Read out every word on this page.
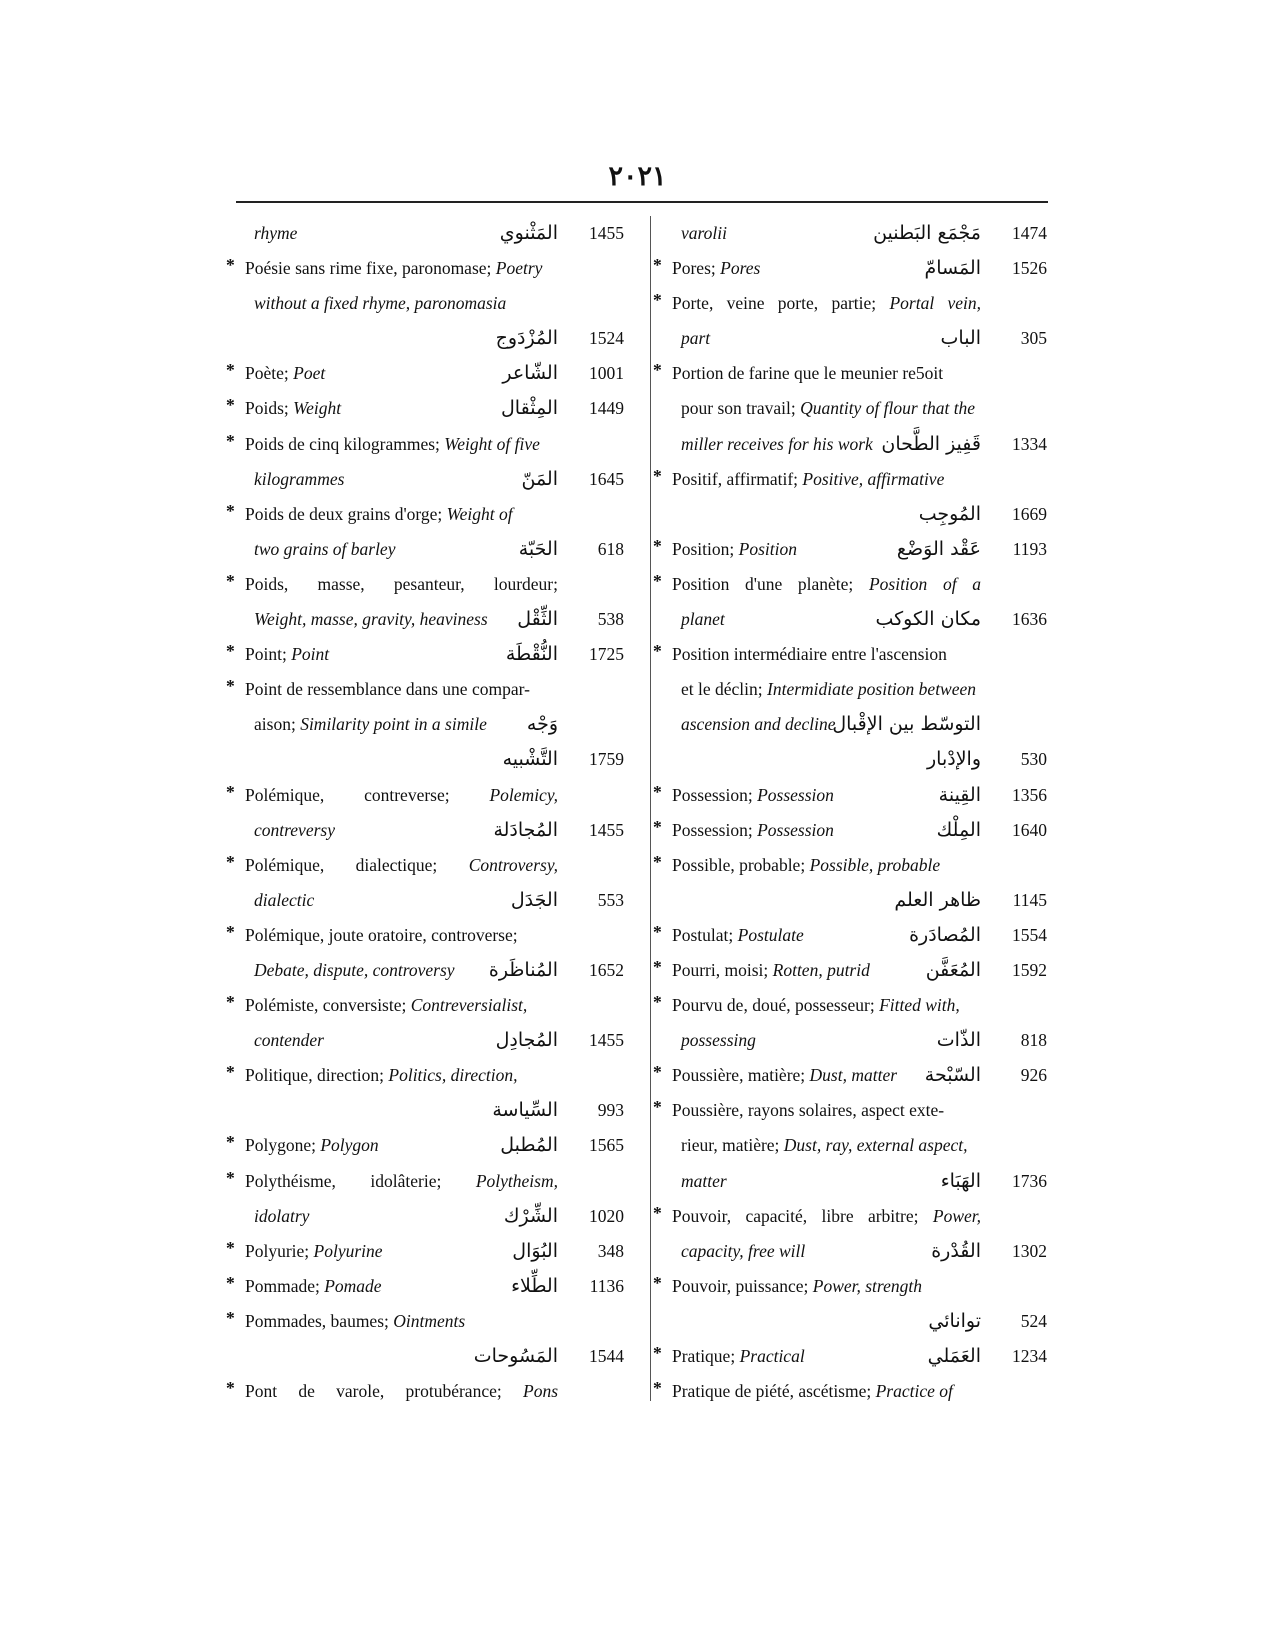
٢٠٢١
rhyme	المَثْنوي 1455
* Poésie sans rime fixe, paronomase; Poetry
without a fixed rhyme, paronomasia
المُزْدَوج 1524
* Poète; Poet	الشّاعر 1001
* Poids; Weight	المِثْقال 1449
* Poids de cinq kilogrammes; Weight of five
kilogrammes	المَنّ 1645
* Poids de deux grains d'orge; Weight of
two grains of barley	الحَبّة 618
* Poids, masse, pesanteur, lourdeur;
Weight, masse, gravity, heaviness	الثِّقْل 538
* Point; Point	النُّقْطَة 1725
* Point de ressemblance dans une compar-
aison; Similarity point in a simile	وَجْه
التَّشْبيه 1759
* Polémique, contreverse; Polemicy,
contreversy	المُجادَلة 1455
* Polémique, dialectique; Controversy,
dialectic	الجَدَل 553
* Polémique, joute oratoire, controverse;
Debate, dispute, controversy	المُناظَرة 1652
* Polémiste, conversiste; Contreversialist,
contender	المُجادِل 1455
* Politique, direction; Politics, direction,
السِّياسة 993
* Polygone; Polygon	المُطبل 1565
* Polythéisme, idolâterie; Polytheism,
idolatry	الشِّرْك 1020
* Polyurie; Polyurine	البُوَال 348
* Pommade; Pomade	الطِّلاء 1136
* Pommades, baumes; Ointments
المَسُوحات 1544
* Pont de varole, protubérance; Pons
varolii	مَجْمَع البَطنين 1474
* Pores; Pores	المَسامّ 1526
* Porte, veine porte, partie; Portal vein,
part	الباب 305
* Portion de farine que le meunier re5oit
pour son travail; Quantity of flour that the
miller receives for his work قَفِيز الطَّحان 1334
* Positif, affirmatif; Positive, affirmative
المُوجِب 1669
* Position; Position	عَقْد الوَضْع 1193
* Position d'une planète; Position of a
planet	مكان الكوكب 1636
* Position intermédiaire entre l'ascension
et le déclin; Intermidiate position between
ascension and decline
التوسّط بين الإقْبال
والإدْبار 530
* Possession; Possession	القِينة 1356
* Possession; Possession	المِلْك 1640
* Possible, probable; Possible, probable
ظاهر العلم 1145
* Postulat; Postulate	المُصادَرة 1554
* Pourri, moisi; Rotten, putrid	المُعَفَّن 1592
* Pourvu de, doué, possesseur; Fitted with,
possessing	الذّات 818
* Poussière, matière; Dust, matter	السّبْحة 926
* Poussière, rayons solaires, aspect exte-
rieur, matière; Dust, ray, external aspect,
matter	الهَبَاء 1736
* Pouvoir, capacité, libre arbitre; Power,
capacity, free will	القُدْرة 1302
* Pouvoir, puissance; Power, strength
توانائي 524
* Pratique; Practical	العَمَلي 1234
* Pratique de piété, ascétisme; Practice of
